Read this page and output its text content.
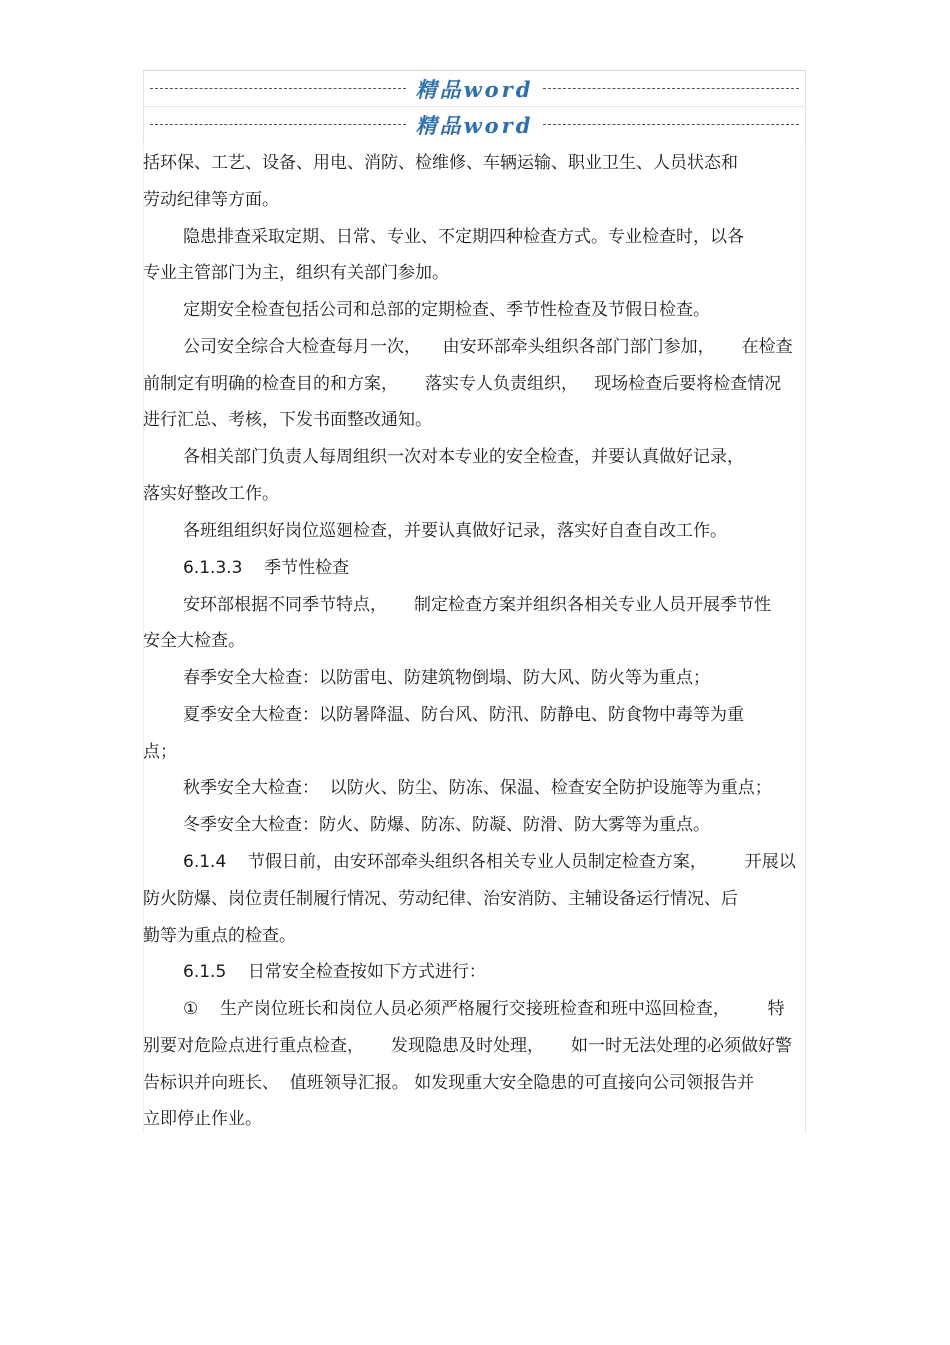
精品word
精品word
括环保、工艺、设备、用电、消防、检维修、车辆运输、职业卫生、人员状态和
劳动纪律等方面。
隐患排查采取定期、日常、专业、不定期四种检查方式。专业检查时，以各
专业主管部门为主，组织有关部门参加。
定期安全检查包括公司和总部的定期检查、季节性检查及节假日检查。
公司安全综合大检查每月一次，    由安环部牵头组织各部门部门参加，     在检查
前制定有明确的检查目的和方案，     落实专人负责组织，   现场检查后要将检查情况
进行汇总、考核，下发书面整改通知。
各相关部门负责人每周组织一次对本专业的安全检查，并要认真做好记录，
落实好整改工作。
各班组组织好岗位巡廻检查，并要认真做好记录，落实好自查自改工作。
6.1.3.3    季节性检查
安环部根据不同季节特点，     制定检查方案并组织各相关专业人员开展季节性
安全大检查。
春季安全大检查：以防雷电、防建筑物倒塌、防大风、防火等为重点；
夏季安全大检查：以防暑降温、防台风、防汛、防静电、防食物中毒等为重
点；
秋季安全大检查：  以防火、防尘、防冻、保温、检查安全防护设施等为重点；
冬季安全大检查：防火、防爆、防冻、防凝、防滑、防大雾等为重点。
6.1.4    节假日前，由安环部牵头组织各相关专业人员制定检查方案，       开展以
防火防爆、岗位责任制履行情况、劳动纪律、治安消防、主辅设备运行情况、后
勤等为重点的检查。
6.1.5    日常安全检查按如下方式进行：
①    生产岗位班长和岗位人员必须严格履行交接班检查和班中巡回检查，       特
别要对危险点进行重点检查，     发现隐患及时处理，     如一时无法处理的必须做好警
告标识并向班长、  值班领导汇报。 如发现重大安全隐患的可直接向公司领报告并
立即停止作业。
